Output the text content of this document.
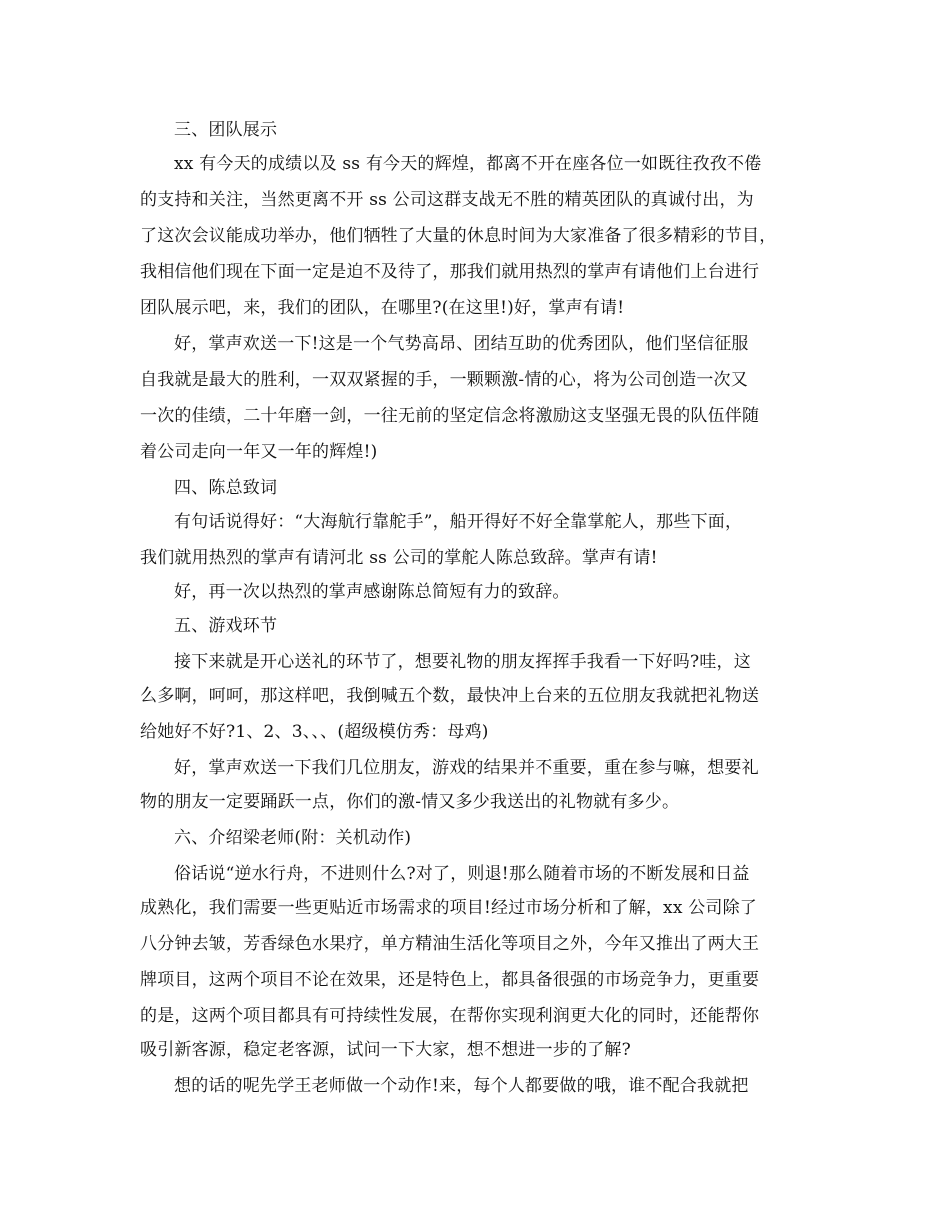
三、团队展示

xx 有今天的成绩以及 ss 有今天的辉煌，都离不开在座各位一如既往孜孜不倦

的支持和关注，当然更离不开 ss 公司这群支战无不胜的精英团队的真诚付出，为

了这次会议能成功举办，他们牺牲了大量的休息时间为大家准备了很多精彩的节目，

我相信他们现在下面一定是迫不及待了，那我们就用热烈的掌声有请他们上台进行

团队展示吧，来，我们的团队，在哪里?(在这里!)好，掌声有请!

好，掌声欢送一下!这是一个气势高昂、团结互助的优秀团队，他们坚信征服

自我就是最大的胜利，一双双紧握的手，一颗颗激-情的心，将为公司创造一次又

一次的佳绩，二十年磨一剑，一往无前的坚定信念将激励这支坚强无畏的队伍伴随

着公司走向一年又一年的辉煌!)

四、陈总致词

有句话说得好：“大海航行靠舵手”，船开得好不好全靠掌舵人，那些下面，

我们就用热烈的掌声有请河北 ss 公司的掌舵人陈总致辞。掌声有请!

好，再一次以热烈的掌声感谢陈总简短有力的致辞。

五、游戏环节

接下来就是开心送礼的环节了，想要礼物的朋友挥挥手我看一下好吗?哇，这

么多啊，呵呵，那这样吧，我倒喊五个数，最快冲上台来的五位朋友我就把礼物送

给她好不好?1、2、3、、、(超级模仿秀：母鸡)

好，掌声欢送一下我们几位朋友，游戏的结果并不重要，重在参与嘛，想要礼

物的朋友一定要踊跃一点，你们的激-情又多少我送出的礼物就有多少。

六、介绍梁老师(附：关机动作)

俗话说“逆水行舟，不进则什么?对了，则退!那么随着市场的不断发展和日益

成熟化，我们需要一些更贴近市场需求的项目!经过市场分析和了解，xx 公司除了

八分钟去皱，芳香绿色水果疗，单方精油生活化等项目之外，今年又推出了两大王

牌项目，这两个项目不论在效果，还是特色上，都具备很强的市场竞争力，更重要

的是，这两个项目都具有可持续性发展，在帮你实现利润更大化的同时，还能帮你

吸引新客源，稳定老客源，试问一下大家，想不想进一步的了解?

想的话的呢先学王老师做一个动作!来，每个人都要做的哦，谁不配合我就把
